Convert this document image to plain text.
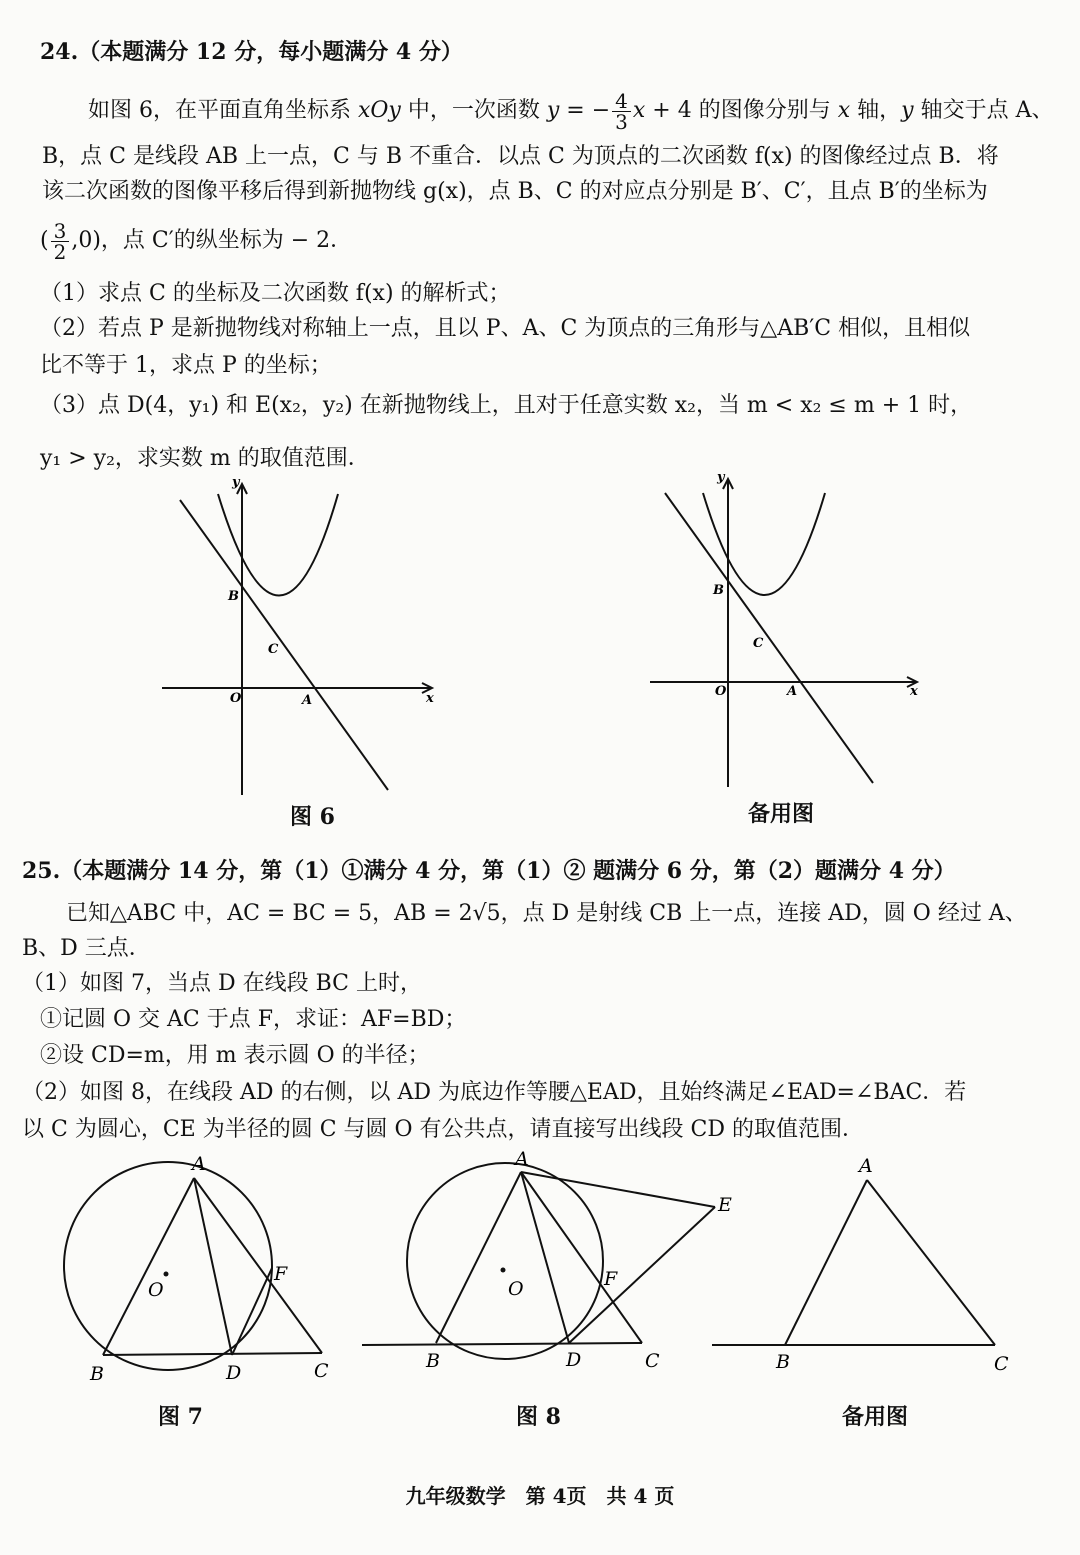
24.（本题满分 12 分，每小题满分 4 分）
如图 6，在平面直角坐标系 xOy 中，一次函数 y = − $\frac{4}{3}$ x + 4 的图像分别与 x 轴，y 轴交于点 A、
B，点 C 是线段 AB 上一点，C 与 B 不重合．以点 C 为顶点的二次函数 f(x) 的图像经过点 B．将
该二次函数的图像平移后得到新抛物线 g(x)，点 B、C 的对应点分别是 B′、C′，且点 B′的坐标为
( $\frac{3}{2} ,0$)，点 C′的纵坐标为 − 2．
（1）求点 C 的坐标及二次函数 f(x) 的解析式；
（2）若点 P 是新抛物线对称轴上一点，且以 P、A、C 为顶点的三角形与△AB′C 相似，且相似
比不等于 1，求点 P 的坐标；
（3）点 D(4，y₁) 和 E(x₂，y₂) 在新抛物线上，且对于任意实数 x₂，当 m < x₂ ≤ m + 1 时，
y₁ > y₂，求实数 m 的取值范围．
y
x
O	A
B
C
图 6
y
x
O	A
B
C
备用图
25.（本题满分 14 分，第（1）①满分 4 分，第（1）② 题满分 6 分，第（2）题满分 4 分）
已知△ABC 中，AC = BC = 5，AB = 2√5，点 D 是射线 CB 上一点，连接 AD，圆 O 经过 A、
B、D 三点．
（1）如图 7，当点 D 在线段 BC 上时，
①记圆 O 交 AC 于点 F，求证：AF=BD；
②设 CD=m，用 m 表示圆 O 的半径；
（2）如图 8，在线段 AD 的右侧，以 AD 为底边作等腰△EAD，且始终满足∠EAD=∠BAC．若
以 C 为圆心，CE 为半径的圆 C 与圆 O 有公共点，请直接写出线段 CD 的取值范围．
A
O
F
B	D	C
图 7
A
E
O	F
B	D	C
图 8
A
B	C
备用图
九年级数学　第 4页　共 4 页
